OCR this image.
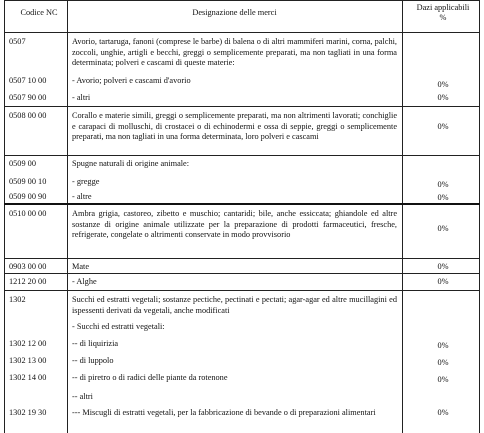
Codice NC	Designazione delle merci
Dazi applicabili
%
0507	Avorio, tartaruga, fanoni (comprese le barbe) di balena o di altri mammiferi marini, corna, palchi, zoccoli, unghie, artigli e becchi, greggi o semplicemente preparati, ma non tagliati in una forma determinata; polveri e cascami di queste materie:
0507 10 00	- Avorio; polveri e cascami d'avorio	0%
0507 90 00	- altri	0%
0508 00 00	Corallo e materie simili, greggi o semplicemente preparati, ma non altrimenti lavorati; conchiglie e carapaci di molluschi, di crostacei o di echinodermi e ossa di seppie, greggi o semplicemente preparati, ma non tagliati in una forma determinata, loro polveri e cascami
0%
0509 00	Spugne naturali di origine animale:
0509 00 10	- gregge	0%
0509 00 90	- altre	0%
0510 00 00	Ambra grigia, castoreo, zibetto e muschio; cantaridi; bile, anche essiccata; ghiandole ed altre sostanze di origine animale utilizzate per la preparazione di prodotti farmaceutici, fresche, refrigerate, congelate o altrimenti conservate in modo provvisorio
0%
0903 00 00	Mate	0%
1212 20 00	- Alghe	0%
1302	Succhi ed estratti vegetali; sostanze pectiche, pectinati e pectati; agar-agar ed altre mucillagini ed ispessenti derivati da vegetali, anche modificati
- Succhi ed estratti vegetali:
1302 12 00	-- di liquirizia	0%
1302 13 00	-- di luppolo	0%
1302 14 00	-- di piretro o di radici delle piante da rotenone	0%
-- altri
1302 19 30	--- Miscugli di estratti vegetali, per la fabbricazione di bevande o di preparazioni alimentari	0%
